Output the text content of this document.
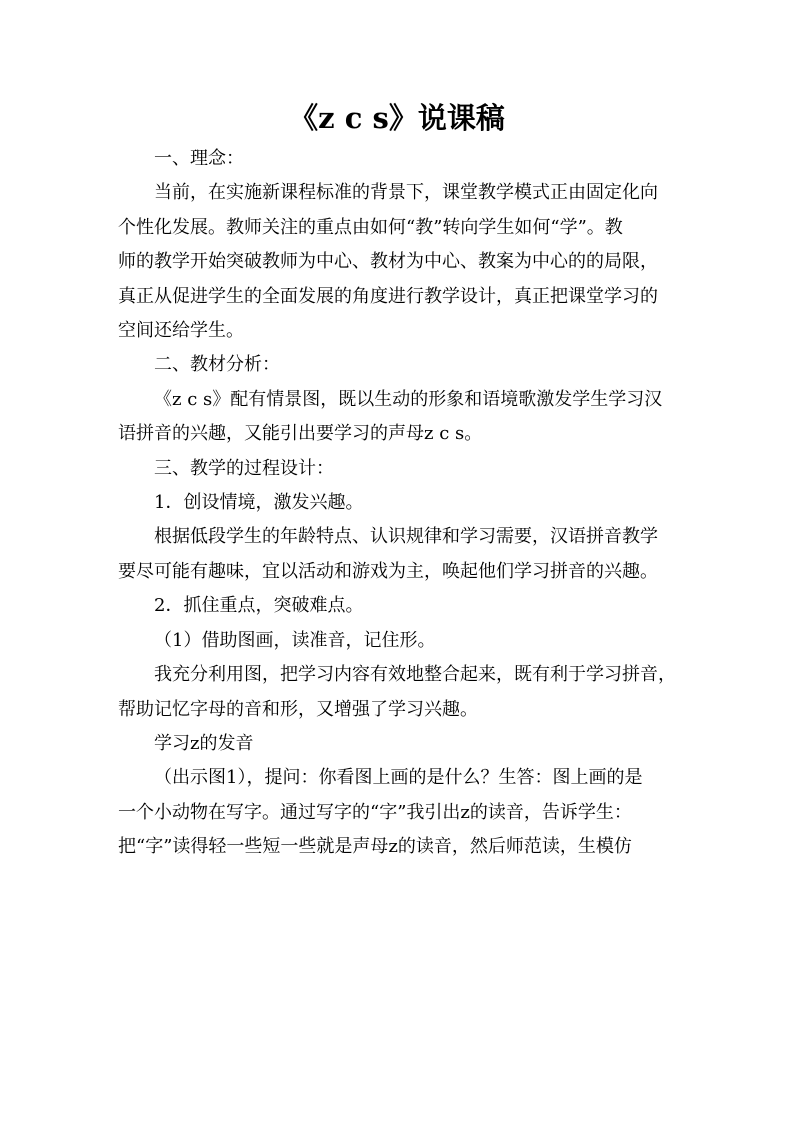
《z c s》说课稿

一、理念：

当前，在实施新课程标准的背景下，课堂教学模式正由固定化向

个性化发展。教师关注的重点由如何“教”转向学生如何“学”。教

师的教学开始突破教师为中心、教材为中心、教案为中心的的局限，

真正从促进学生的全面发展的角度进行教学设计，真正把课堂学习的

空间还给学生。

二、教材分析：

《z c s》配有情景图，既以生动的形象和语境歌激发学生学习汉

语拼音的兴趣，又能引出要学习的声母z c s。

三、教学的过程设计：

1．创设情境，激发兴趣。

根据低段学生的年龄特点、认识规律和学习需要，汉语拼音教学

要尽可能有趣味，宜以活动和游戏为主，唤起他们学习拼音的兴趣。

2．抓住重点，突破难点。

（1）借助图画，读准音，记住形。

我充分利用图，把学习内容有效地整合起来，既有利于学习拼音，

帮助记忆字母的音和形，又增强了学习兴趣。

学习z的发音

（出示图1），提问：你看图上画的是什么？生答：图上画的是

一个小动物在写字。通过写字的“字”我引出z的读音，告诉学生：

把“字”读得轻一些短一些就是声母z的读音，然后师范读，生模仿
